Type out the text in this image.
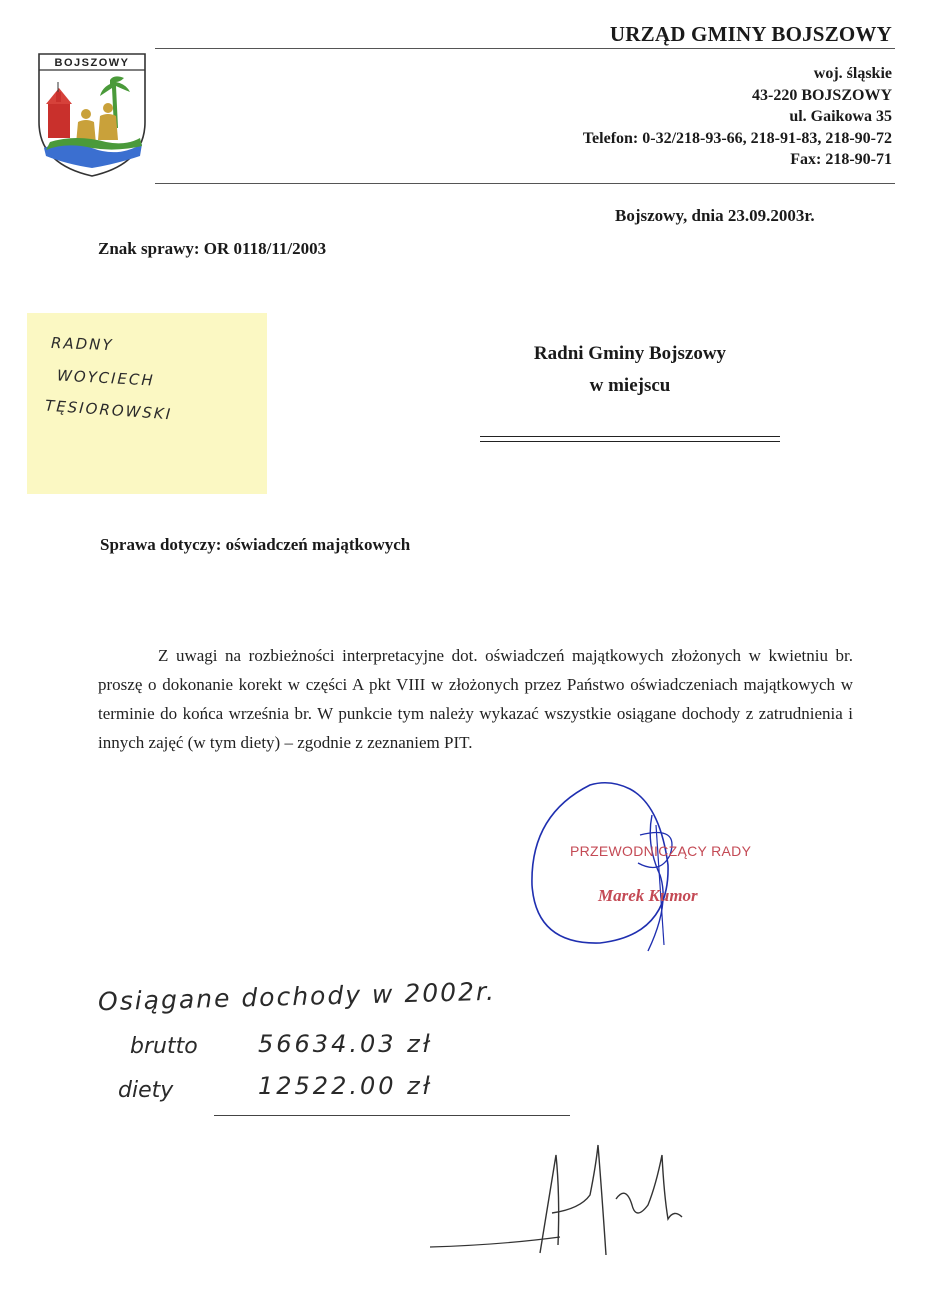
URZĄD GMINY BOJSZOWY
BOJSZOWY
woj. śląskie
43-220 BOJSZOWY
ul. Gaikowa 35
Telefon: 0-32/218-93-66, 218-91-83, 218-90-72
Fax: 218-90-71
Bojszowy, dnia 23.09.2003r.
Znak sprawy: OR 0118/11/2003
RADNY
WOYCIECH
TĘSIOROWSKI
Radni Gminy Bojszowy
w miejscu
Sprawa dotyczy: oświadczeń majątkowych
Z uwagi na rozbieżności interpretacyjne dot. oświadczeń majątkowych złożonych w kwietniu br. proszę o dokonanie korekt w części A pkt VIII w złożonych przez Państwo oświadczeniach majątkowych w terminie do końca września br. W punkcie tym należy wykazać wszystkie osiągane dochody z zatrudnienia i innych zajęć (w tym diety) – zgodnie z zeznaniem PIT.
PRZEWODNICZĄCY RADY
Marek Kumor
Osiągane dochody w 2002r.
brutto	56634.03 zł
diety	12522.00 zł
